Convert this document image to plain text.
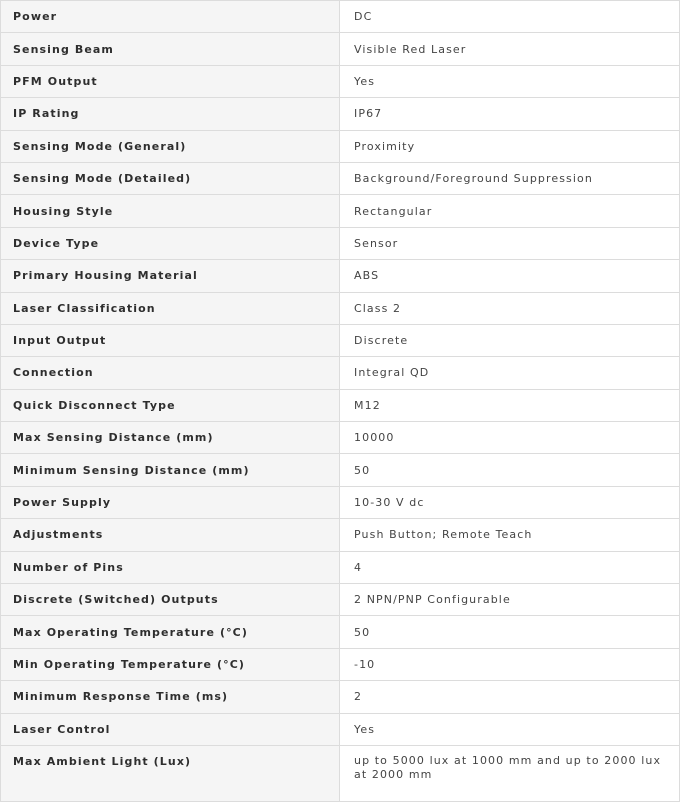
Power	DC
Sensing Beam	Visible Red Laser
PFM Output	Yes
IP Rating	IP67
Sensing Mode (General)	Proximity
Sensing Mode (Detailed)	Background/Foreground Suppression
Housing Style	Rectangular
Device Type	Sensor
Primary Housing Material	ABS
Laser Classification	Class 2
Input Output	Discrete
Connection	Integral QD
Quick Disconnect Type	M12
Max Sensing Distance (mm)	10000
Minimum Sensing Distance (mm)	50
Power Supply	10-30 V dc
Adjustments	Push Button; Remote Teach
Number of Pins	4
Discrete (Switched) Outputs	2 NPN/PNP Configurable
Max Operating Temperature (°C)	50
Min Operating Temperature (°C)	-10
Minimum Response Time (ms)	2
Laser Control	Yes
Max Ambient Light (Lux)	up to 5000 lux at 1000 mm and up to 2000 lux at 2000 mm
